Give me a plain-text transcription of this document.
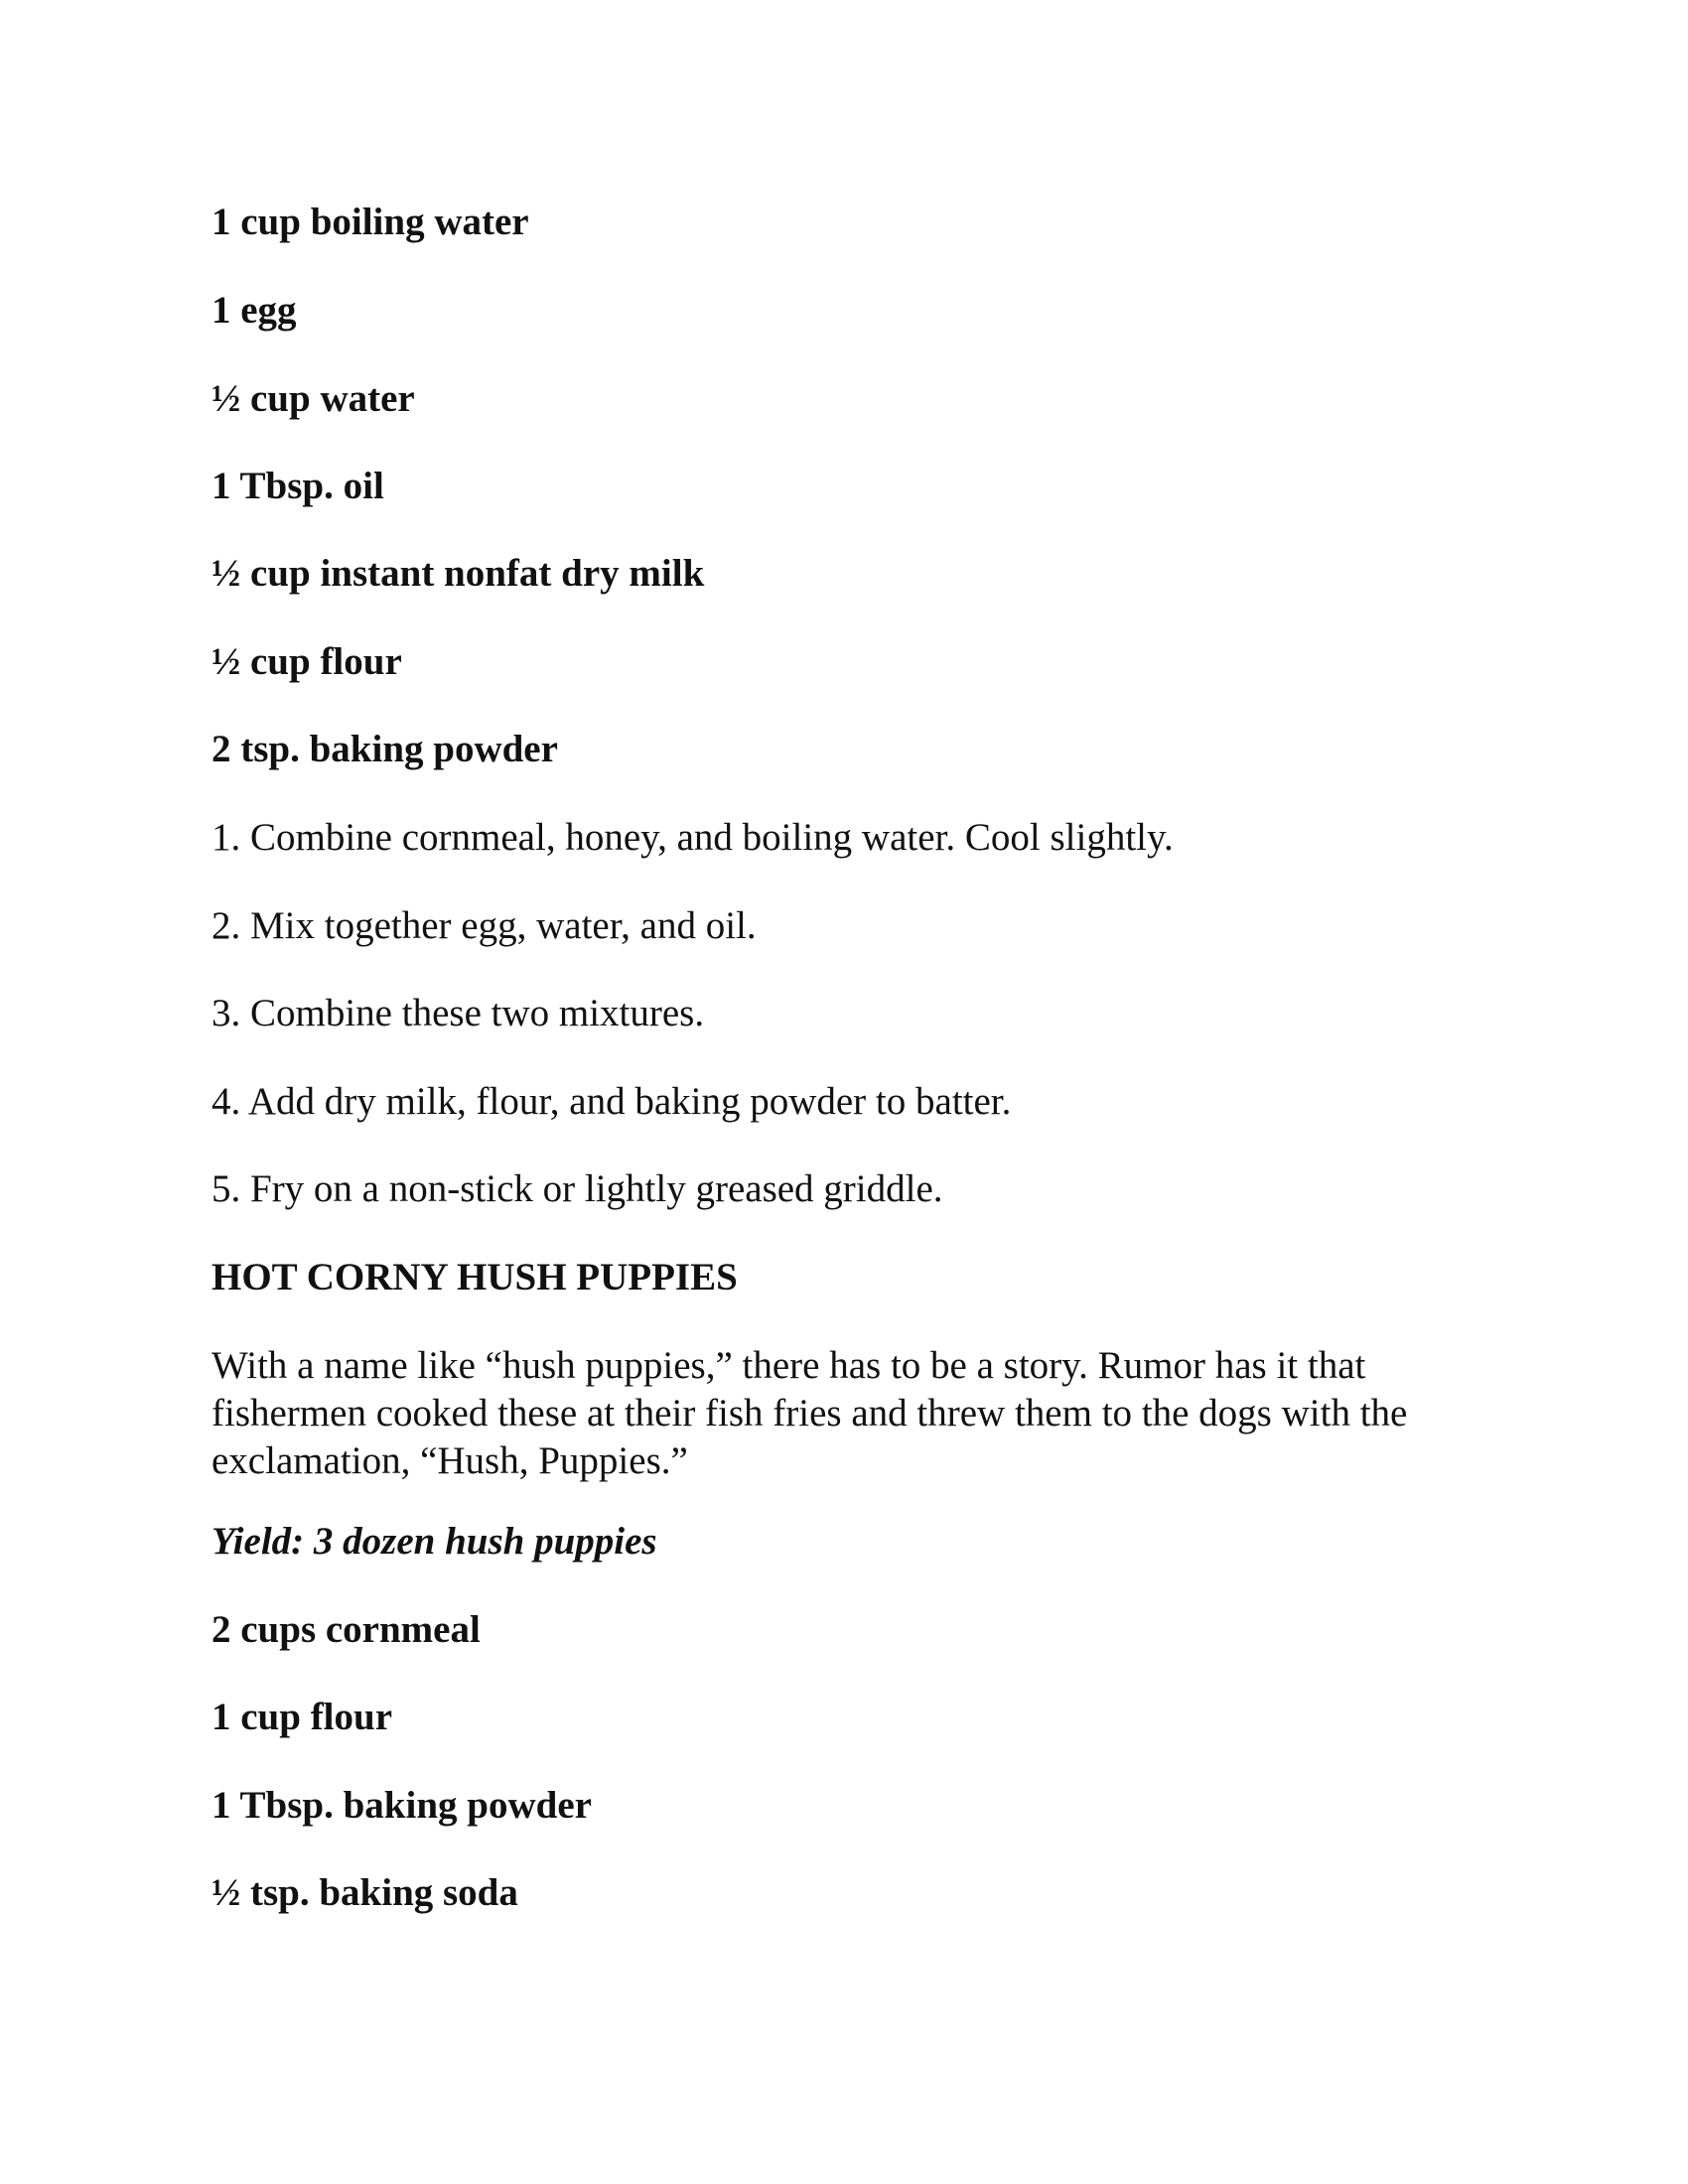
1 cup boiling water

1 egg

½ cup water

1 Tbsp. oil

½ cup instant nonfat dry milk

½ cup flour

2 tsp. baking powder

1. Combine cornmeal, honey, and boiling water. Cool slightly.

2. Mix together egg, water, and oil.

3. Combine these two mixtures.

4. Add dry milk, flour, and baking powder to batter.

5. Fry on a non-stick or lightly greased griddle.

HOT CORNY HUSH PUPPIES

With a name like “hush puppies,” there has to be a story. Rumor has it that fishermen cooked these at their fish fries and threw them to the dogs with the exclamation, “Hush, Puppies.”

Yield: 3 dozen hush puppies

2 cups cornmeal

1 cup flour

1 Tbsp. baking powder

½ tsp. baking soda
